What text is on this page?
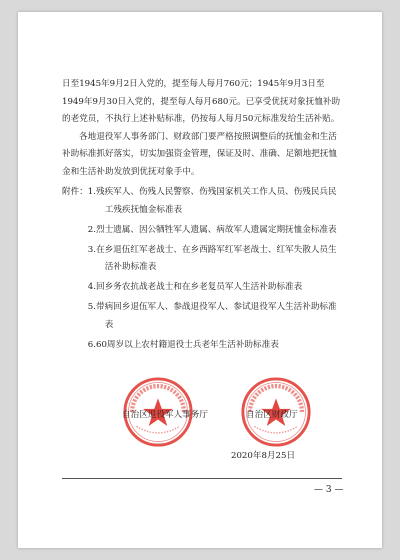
日至1945年9月2日入党的，提至每人每月760元；1945年9月3日至1949年9月30日入党的，提至每人每月680元。已享受优抚对象抚恤补助的老党员，不执行上述补贴标准，仍按每人每月50元标准发给生活补贴。

各地退役军人事务部门、财政部门要严格按照调整后的抚恤金和生活补助标准抓好落实，切实加强资金管理，保证及时、准确、足额地把抚恤金和生活补助发放到优抚对象手中。

附件： 1.残疾军人、伤残人民警察、伤残国家机关工作人员、伤残民兵民工残疾抚恤金标准表
2.烈士遗属、因公牺牲军人遗属、病故军人遗属定期抚恤金标准表
3.在乡退伍红军老战士、在乡西路军红军老战士、红军失散人员生活补助标准表
4.回乡务农抗战老战士和在乡老复员军人生活补助标准表
5.带病回乡退伍军人、参战退役军人、参试退役军人生活补助标准表
6.60周岁以上农村籍退役士兵老年生活补助标准表
自治区退役军人事务厅	自治区财政厅
2020年8月25日
— 3 —
